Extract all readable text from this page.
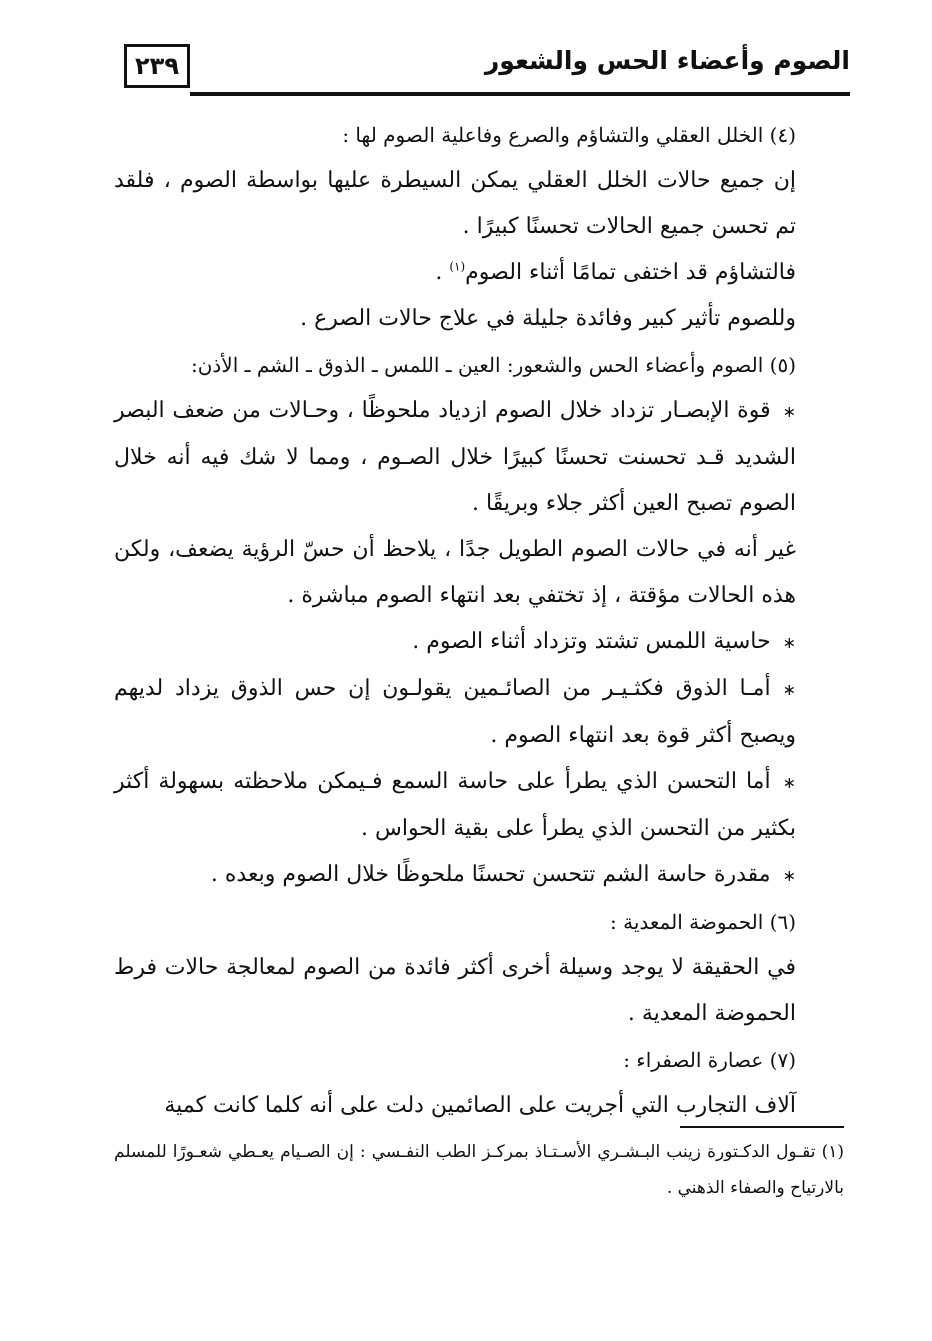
٢٣٩	الصوم وأعضاء الحس والشعور

(٤) الخلل العقلي والتشاؤم والصرع وفاعلية الصوم لها :

إن جميع حالات الخلل العقلي يمكن السيطرة عليها بواسطة الصوم ، فلقد تم تحسن جميع الحالات تحسنًا كبيرًا .

فالتشاؤم قد اختفى تمامًا أثناء الصوم$^{(١)}$ .

وللصوم تأثير كبير وفائدة جليلة في علاج حالات الصرع .

(٥) الصوم وأعضاء الحس والشعور: العين ـ اللمس ـ الذوق ـ الشم ـ الأذن:

∗قوة الإبصـار تزداد خلال الصوم ازدياد ملحوظًا ، وحـالات من ضعف البصر الشديد قـد تحسنت تحسنًا كبيرًا خلال الصـوم ، ومما لا شك فيه أنه خلال الصوم تصبح العين أكثر جلاء وبريقًا .

غير أنه في حالات الصوم الطويل جدًا ، يلاحظ أن حسّ الرؤية يضعف، ولكن هذه الحالات مؤقتة ، إذ تختفي بعد انتهاء الصوم مباشرة .

∗حاسية اللمس تشتد وتزداد أثناء الصوم .

∗أمـا الذوق فكثـيـر من الصائـمين يقولـون إن حس الذوق يزداد لديهم ويصبح أكثر قوة بعد انتهاء الصوم .

∗أما التحسن الذي يطرأ على حاسة السمع فـيمكن ملاحظته بسهولة أكثر بكثير من التحسن الذي يطرأ على بقية الحواس .

∗مقدرة حاسة الشم تتحسن تحسنًا ملحوظًا خلال الصوم وبعده .

(٦) الحموضة المعدية :

في الحقيقة لا يوجد وسيلة أخرى أكثر فائدة من الصوم لمعالجة حالات فرط الحموضة المعدية .

(٧) عصارة الصفراء :

آلاف التجارب التي أجريت على الصائمين دلت على أنه كلما كانت كمية

(١) تقـول الدكـتورة زينب البـشـري الأسـتـاذ بمركـز الطب النفـسي : إن الصـيام يعـطي شعـورًا للمسلم بالارتياح والصفاء الذهني .
